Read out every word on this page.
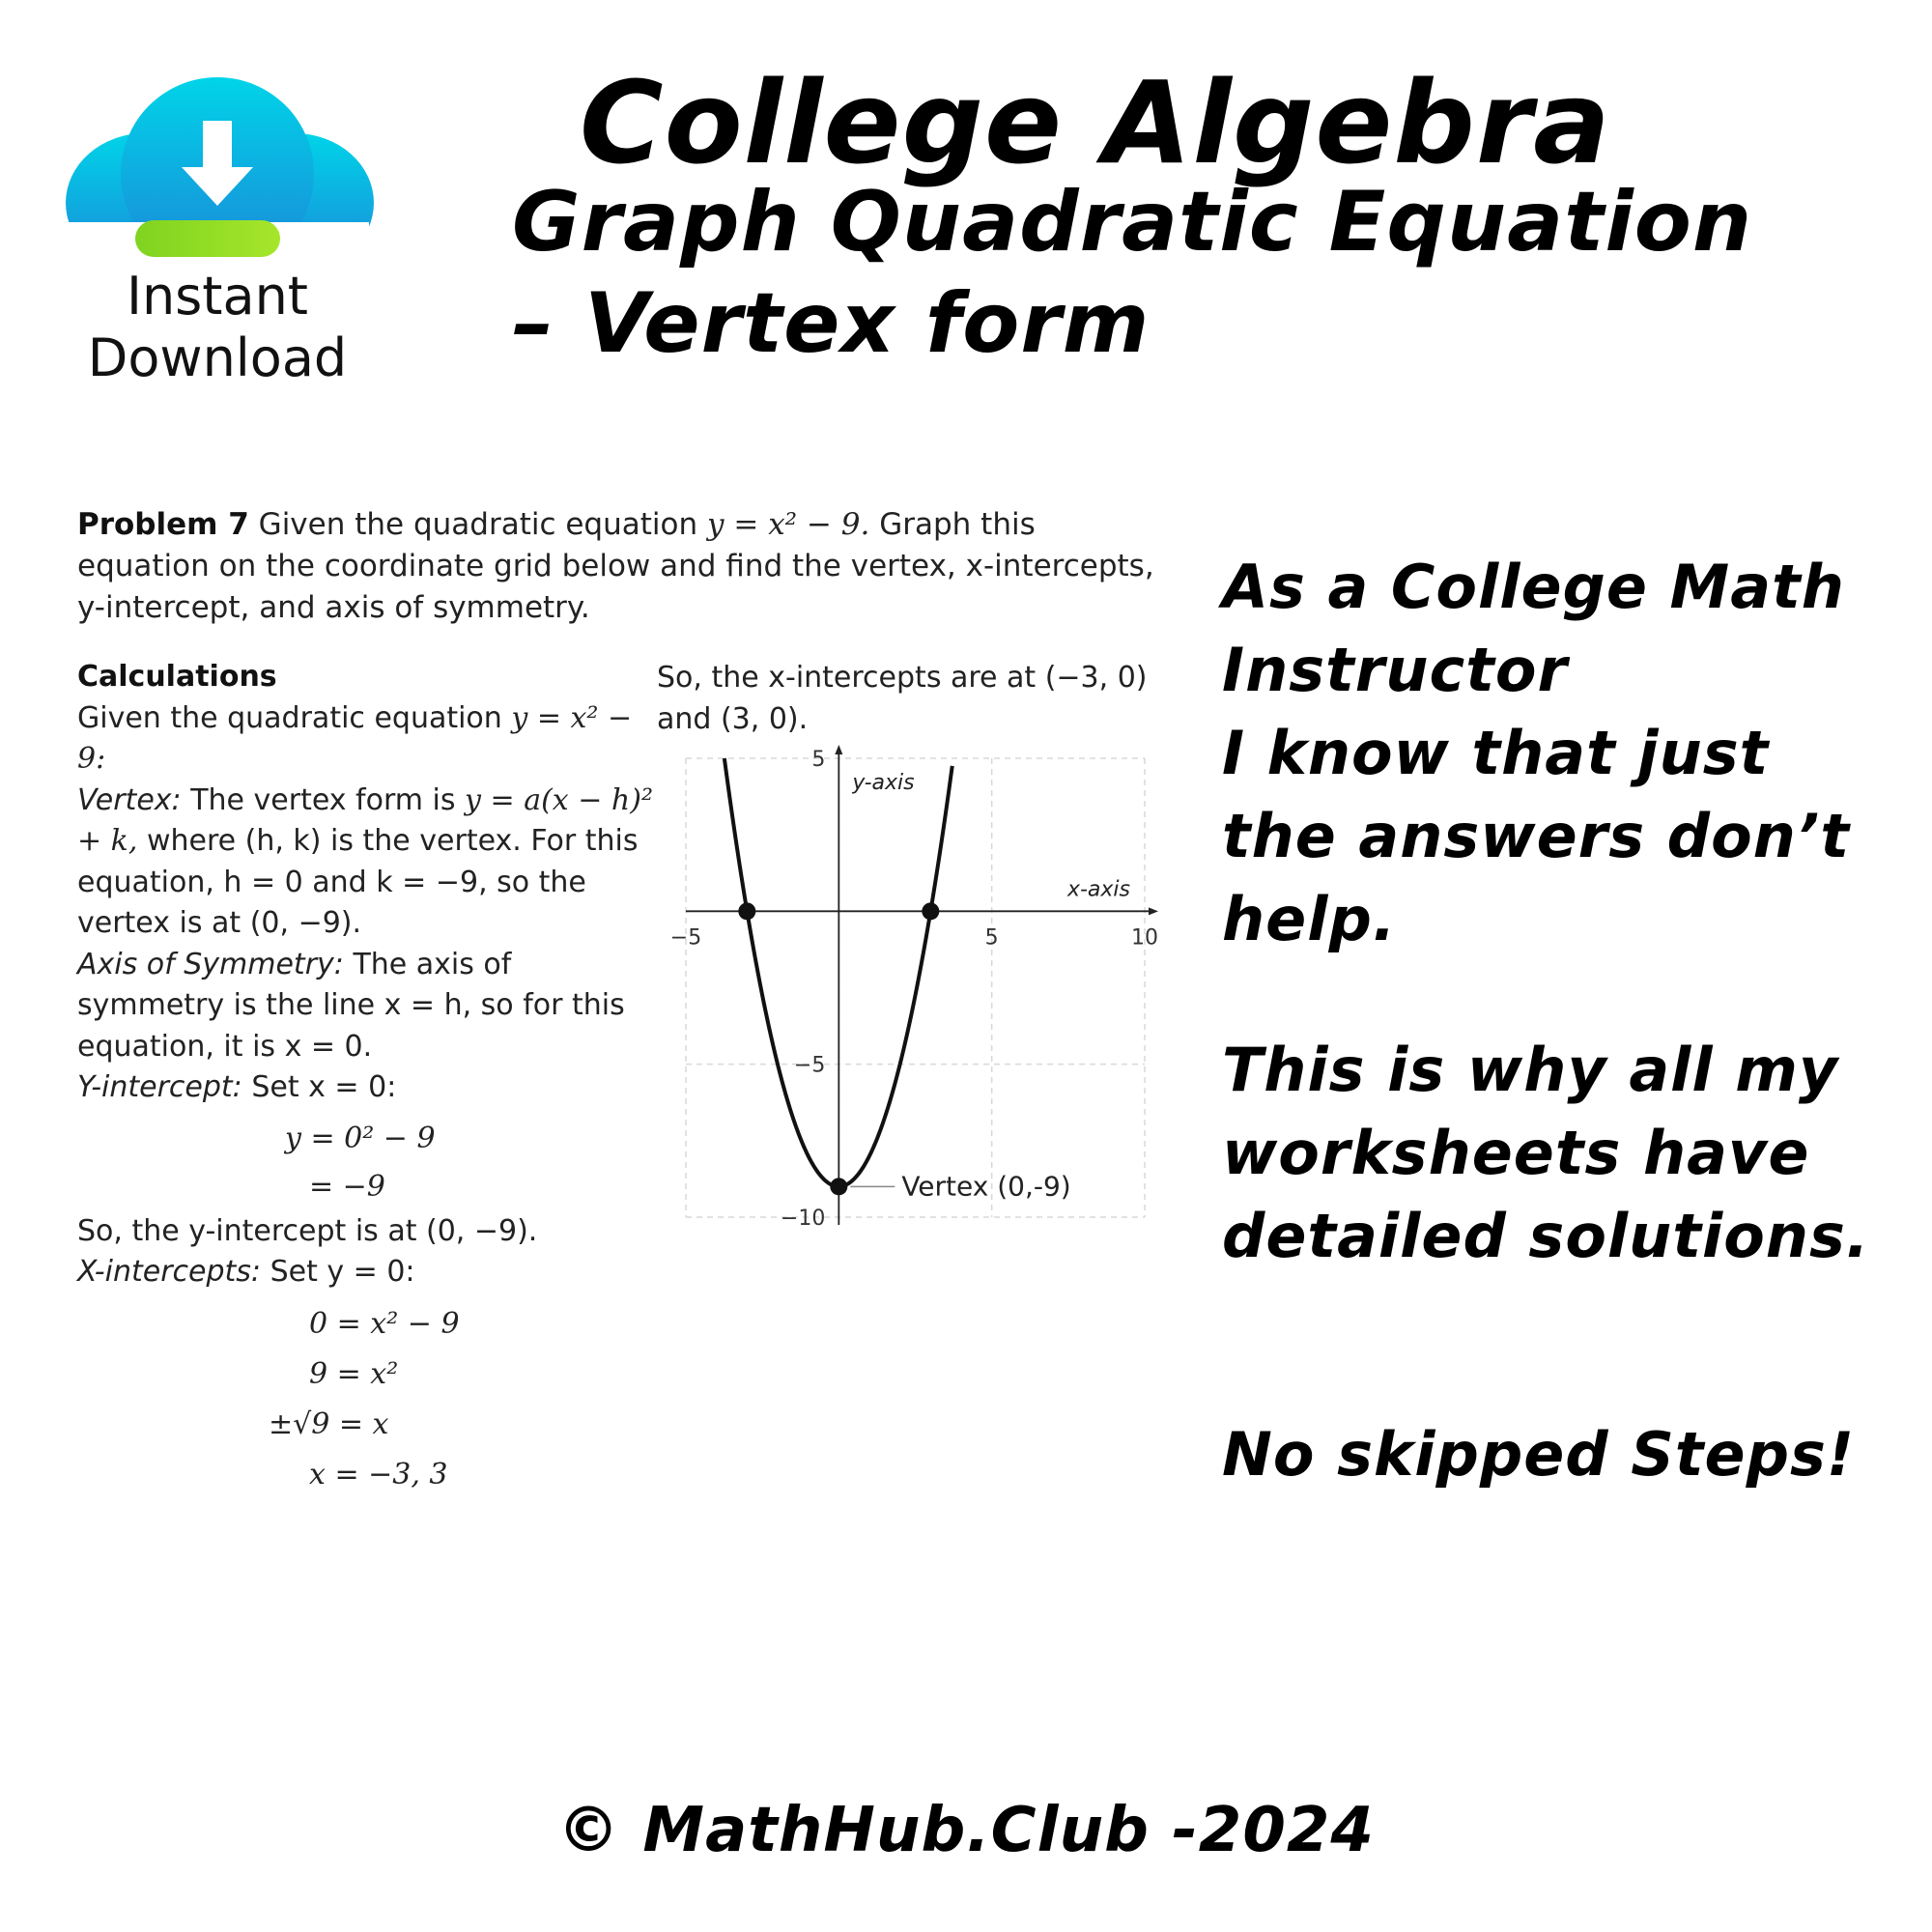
Instant
Download
College Algebra
Graph Quadratic Equation
– Vertex form
Problem 7 Given the quadratic equation y = x² − 9. Graph this equation on the coordinate grid below and find the vertex, x-intercepts, y-intercept, and axis of symmetry.
Calculations
Given the quadratic equation y = x² − 9:
Vertex: The vertex form is y = a(x − h)² + k, where (h, k) is the vertex. For this equation, h = 0 and k = −9, so the vertex is at (0, −9).
Axis of Symmetry: The axis of symmetry is the line x = h, so for this equation, it is x = 0.
Y-intercept: Set x = 0:
y = 0² − 9
= −9
So, the y-intercept is at (0, −9).
X-intercepts: Set y = 0:
0 = x² − 9
9 = x²
±√9 = x
x = −3, 3
So, the x-intercepts are at (−3, 0) and (3, 0).
−5	5	10
5
−5
−10
x-axis
y-axis
Vertex (0,-9)

As a College Math

Instructor

I know that just

the answers don’t

help.

This is why all my

worksheets have

detailed solutions.

No skipped Steps!

© MathHub.Club -2024
